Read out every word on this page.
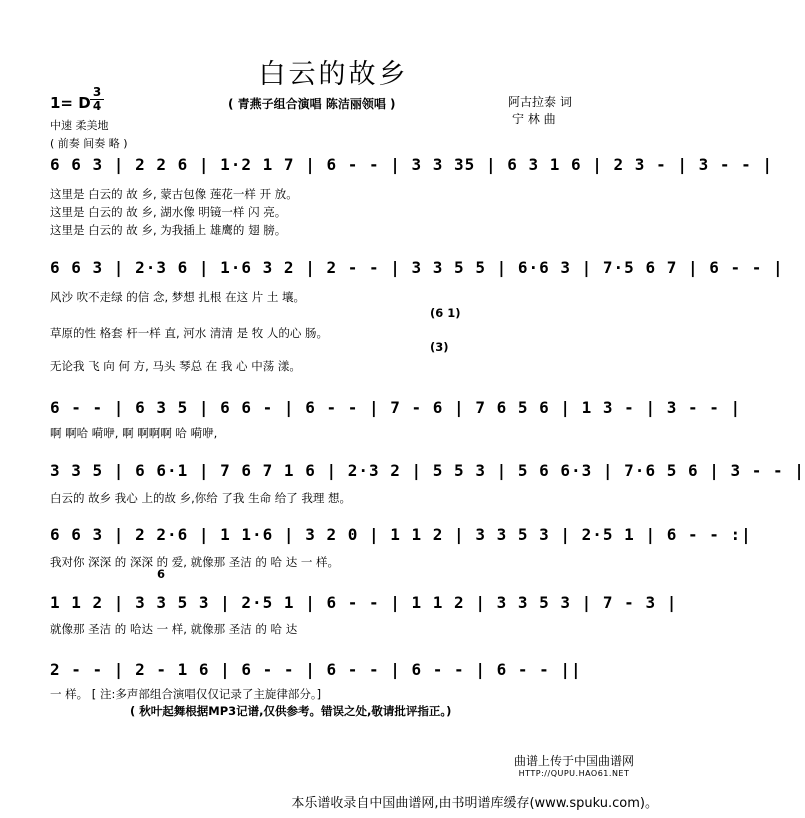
白云的故乡
1= D
3
4	( 青燕子组合演唱 陈洁丽领唱 )	阿古拉泰 词
宁 林 曲
中速 柔美地
( 前奏 间奏 略 )
6 6 3 | 2 2 6 | 1·2 1 7 | 6 - - | 3 3 35 | 6 3 1 6 | 2 3 - | 3 - - |
这里是 白云的 故 乡, 蒙古包像 莲花一样 开 放。
这里是 白云的 故 乡, 湖水像 明镜一样 闪 亮。
这里是 白云的 故 乡, 为我插上 雄鹰的 翅 膀。
6 6 3 | 2·3 6 | 1·6 3 2 | 2 - - | 3 3 5 5 | 6·6 3 | 7·5 6 7 | 6 - - |
风沙 吹不走绿 的信 念, 梦想 扎根 在这 片 土 壤。
(6 1)
草原的性 格套 杆一样 直, 河水 清清 是 牧 人的心 肠。
(3)
无论我 飞 向 何 方, 马头 琴总 在 我 心 中荡 漾。
6 - - | 6 3 5 | 6 6 - | 6 - - | 7 - 6 | 7 6 5 6 | 1 3 - | 3 - - |
啊 啊哈 嗬咿, 啊 啊啊啊 哈 嗬咿,
3 3 5 | 6 6·1 | 7 6 7 1 6 | 2·3 2 | 5 5 3 | 5 6 6·3 | 7·6 5 6 | 3 - - |
白云的 故乡 我心 上的故 乡,你给 了我 生命 给了 我理 想。
6 6 3 | 2 2·6 | 1 1·6 | 3 2 0 | 1 1 2 | 3 3 5 3 | 2·5 1 | 6 - - :|
我对你 深深 的 深深 的 爱, 就像那 圣洁 的 哈 达 一 样。
6
1 1 2 | 3 3 5 3 | 2·5 1 | 6 - - | 1 1 2 | 3 3 5 3 | 7 - 3 |
就像那 圣洁 的 哈达 一 样, 就像那 圣洁 的 哈 达
2 - - | 2 - 1 6 | 6 - - | 6 - - | 6 - - | 6 - - ||
一 样。 [ 注:多声部组合演唱仅仅记录了主旋律部分。]
( 秋叶起舞根据MP3记谱,仅供参考。错误之处,敬请批评指正。)
曲谱上传于中国曲谱网
HTTP://QUPU.HAO61.NET
本乐谱收录自中国曲谱网,由书明谱库缓存(www.spuku.com)。
